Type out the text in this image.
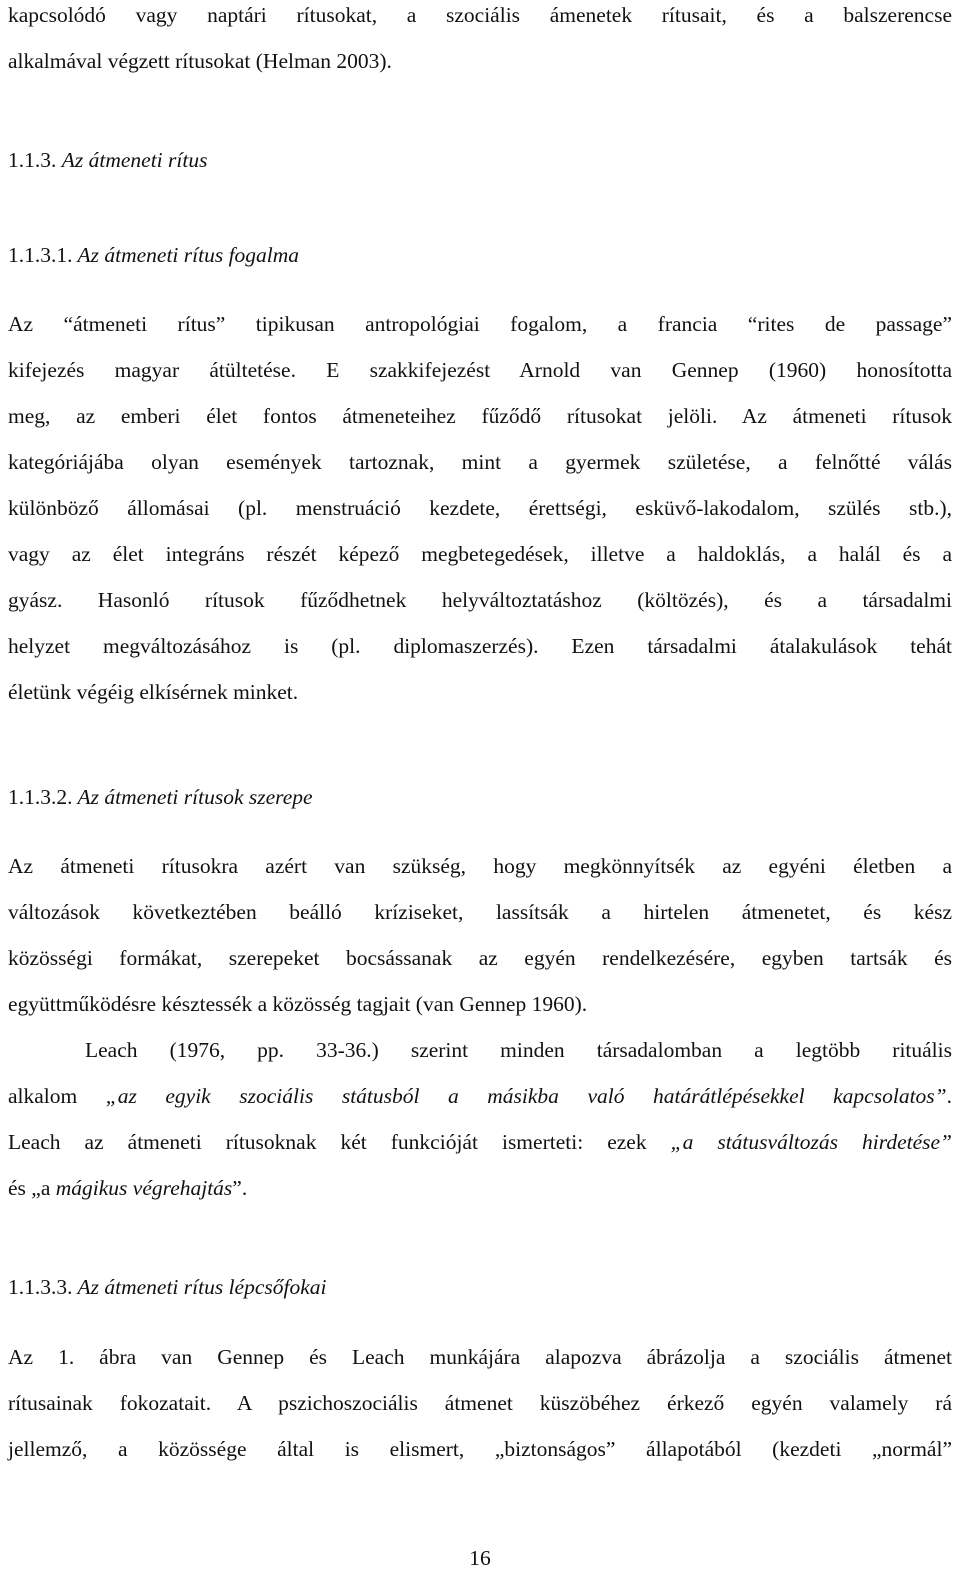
kapcsolódó vagy naptári rítusokat, a szociális ámenetek rítusait, és a balszerencse
alkalmával végzett rítusokat (Helman 2003).
1.1.3. Az átmeneti rítus
1.1.3.1. Az átmeneti rítus fogalma
Az “átmeneti rítus” tipikusan antropológiai fogalom, a francia “rites de passage”
kifejezés magyar átültetése. E szakkifejezést Arnold van Gennep (1960) honosította
meg, az emberi élet fontos átmeneteihez fűződő rítusokat jelöli. Az átmeneti rítusok
kategóriájába olyan események tartoznak, mint a gyermek születése, a felnőtté válás
különböző állomásai (pl. menstruáció kezdete, érettségi, esküvő-lakodalom, szülés stb.),
vagy az élet integráns részét képező megbetegedések, illetve a haldoklás, a halál és a
gyász. Hasonló rítusok fűződhetnek helyváltoztatáshoz (költözés), és a társadalmi
helyzet megváltozásához is (pl. diplomaszerzés). Ezen társadalmi átalakulások tehát
életünk végéig elkísérnek minket.
1.1.3.2. Az átmeneti rítusok szerepe
Az átmeneti rítusokra azért van szükség, hogy megkönnyítsék az egyéni életben a
változások következtében beálló kríziseket, lassítsák a hirtelen átmenetet, és kész
közösségi formákat, szerepeket bocsássanak az egyén rendelkezésére, egyben tartsák és
együttműködésre késztessék a közösség tagjait (van Gennep 1960).
Leach (1976, pp. 33-36.) szerint minden társadalomban a legtöbb rituális
alkalom „az egyik szociális státusból a másikba való határátlépésekkel kapcsolatos”.
Leach az átmeneti rítusoknak két funkcióját ismerteti: ezek „a státusváltozás hirdetése”
és „a mágikus végrehajtás”.
1.1.3.3. Az átmeneti rítus lépcsőfokai
Az 1. ábra van Gennep és Leach munkájára alapozva ábrázolja a szociális átmenet
rítusainak fokozatait. A pszichoszociális átmenet küszöbéhez érkező egyén valamely rá
jellemző, a közössége által is elismert, „biztonságos” állapotából (kezdeti „normál”
16
